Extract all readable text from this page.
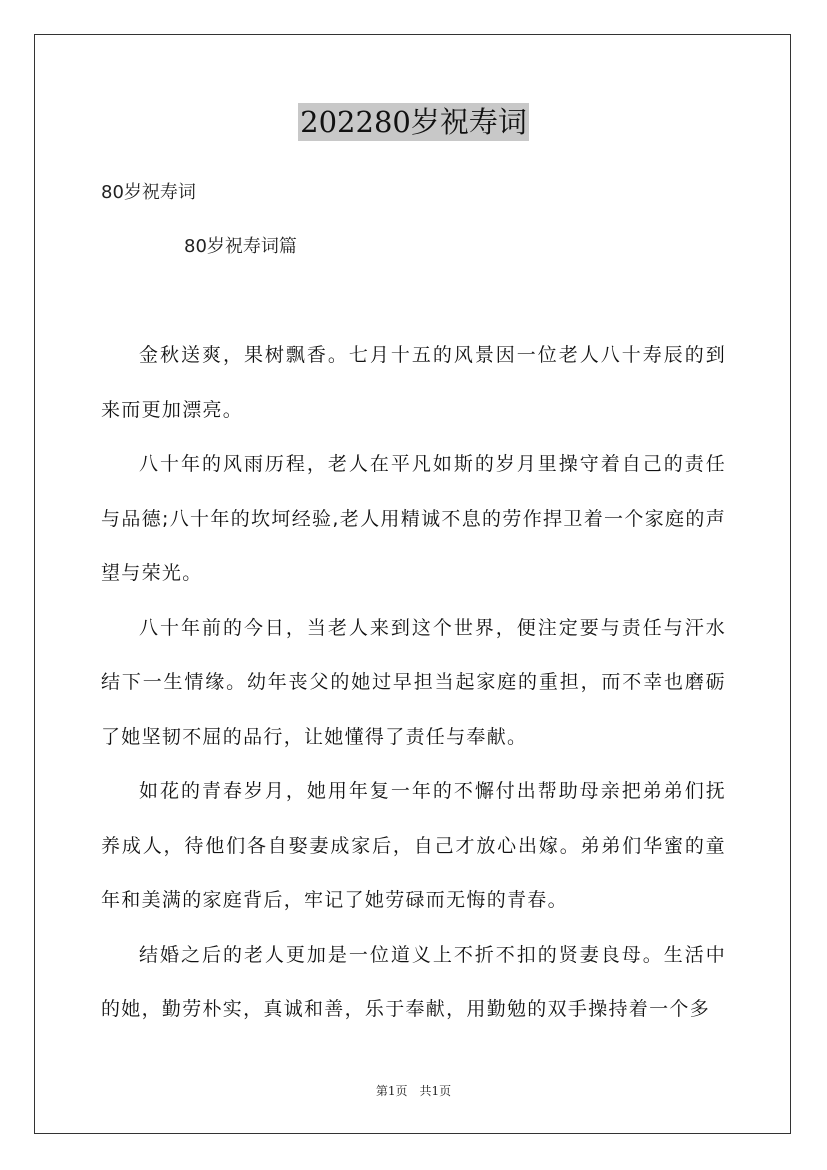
202280岁祝寿词
80岁祝寿词
80岁祝寿词篇

金秋送爽，果树飘香。七月十五的风景因一位老人八十寿辰的到来而更加漂亮。

八十年的风雨历程，老人在平凡如斯的岁月里操守着自己的责任与品德;八十年的坎坷经验,老人用精诚不息的劳作捍卫着一个家庭的声望与荣光。

八十年前的今日，当老人来到这个世界，便注定要与责任与汗水结下一生情缘。幼年丧父的她过早担当起家庭的重担，而不幸也磨砺了她坚韧不屈的品行，让她懂得了责任与奉献。

如花的青春岁月，她用年复一年的不懈付出帮助母亲把弟弟们抚养成人，待他们各自娶妻成家后，自己才放心出嫁。弟弟们华蜜的童年和美满的家庭背后，牢记了她劳碌而无悔的青春。

结婚之后的老人更加是一位道义上不折不扣的贤妻良母。生活中的她，勤劳朴实，真诚和善，乐于奉献，用勤勉的双手操持着一个多

第1页　共1页
